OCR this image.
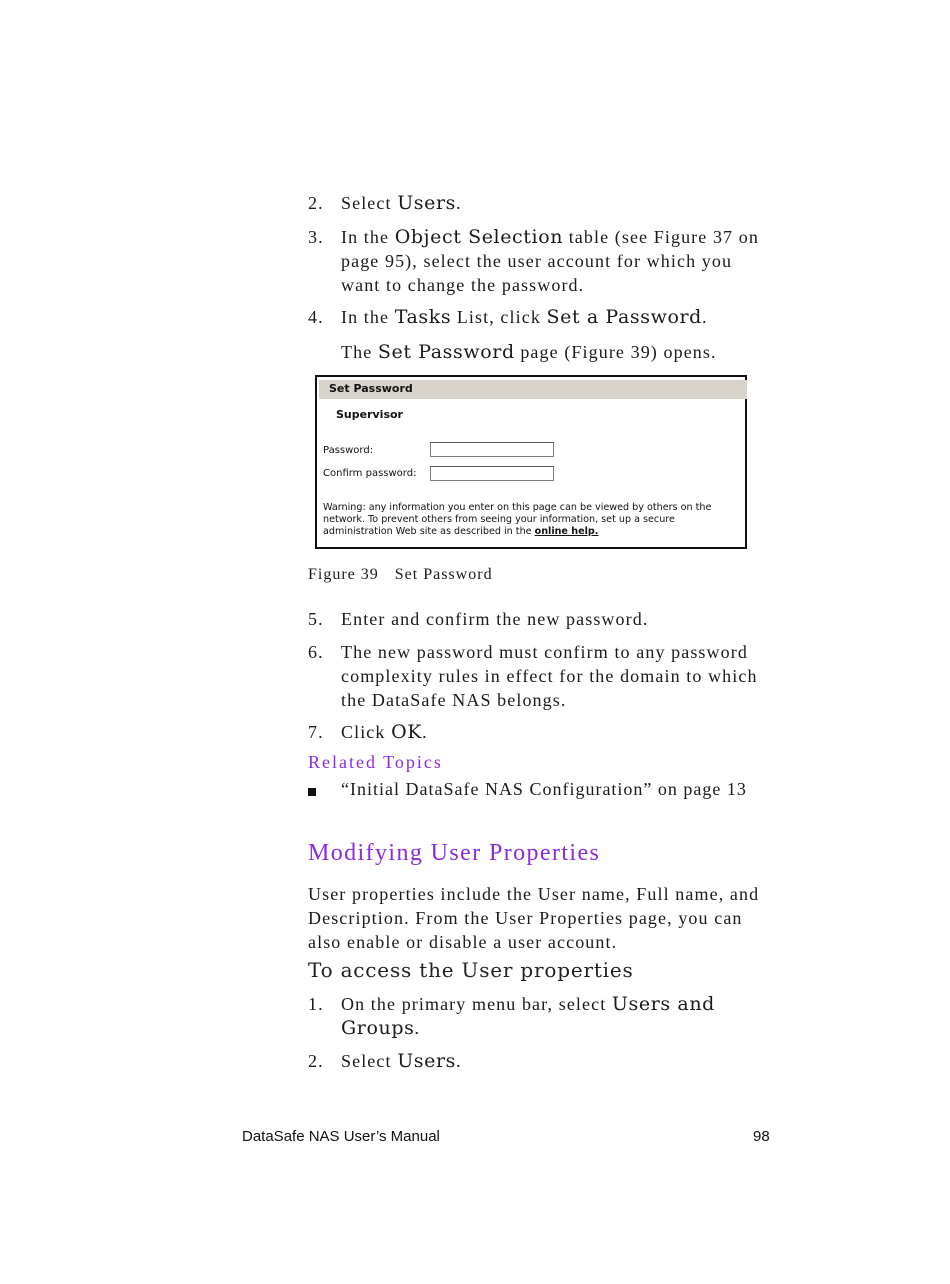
2. Select Users.
3. In the Object Selection table (see Figure 37 on page 95), select the user account for which you want to change the password.
4. In the Tasks List, click Set a Password.
The Set Password page (Figure 39) opens.
Set Password
Supervisor
Password:
Confirm password:
Warning: any information you enter on this page can be viewed by others on the network. To prevent others from seeing your information, set up a secure administration Web site as described in the online help.
Figure 39 Set Password
5. Enter and confirm the new password.
6. The new password must confirm to any password complexity rules in effect for the domain to which the DataSafe NAS belongs.
7. Click OK.
Related Topics
“Initial DataSafe NAS Configuration” on page 13
Modifying User Properties
User properties include the User name, Full name, and Description. From the User Properties page, you can also enable or disable a user account.
To access the User properties
1. On the primary menu bar, select Users and Groups.
2. Select Users.
DataSafe NAS User’s Manual	98
